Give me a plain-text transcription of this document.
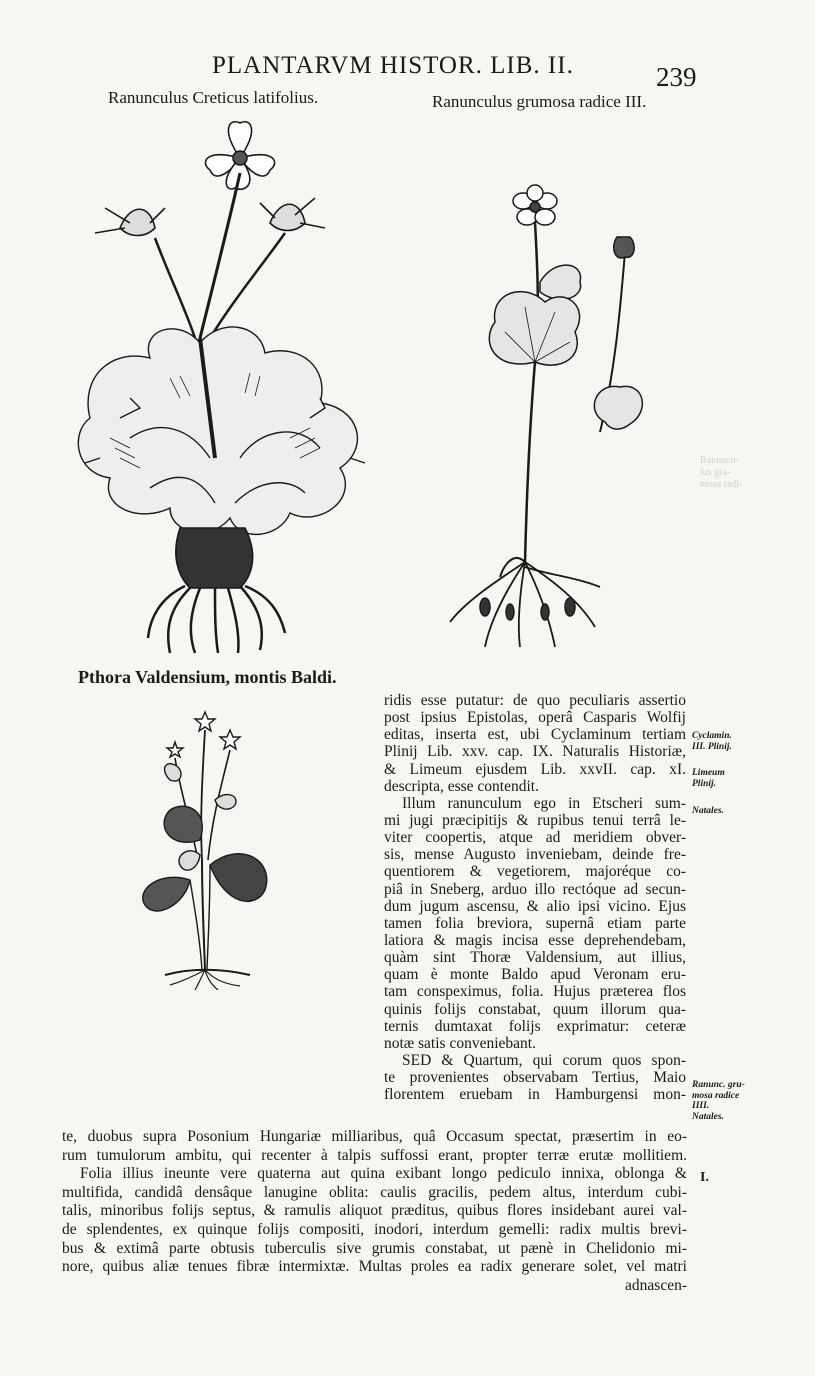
PLANTARVM HISTOR. LIB. II.	239
Ranunculus Creticus latifolius.	Ranunculus grumosa radice III.
Pthora Valdensium, montis Baldi.
Ranuncu-
lus gra-
mosa radi-
ridis esse putatur: de quo peculiaris assertio
post ipsius Epistolas, operâ Casparis Wolfij
editas, inserta est, ubi Cyclaminum tertiam
Plinij Lib. xxv. cap. IX. Naturalis Historiæ,
& Limeum ejusdem Lib. xxvII. cap. xI.
descripta, esse contendit.
Illum ranunculum ego in Etscheri sum-
mi jugi præcipitijs & rupibus tenui terrâ le-
viter coopertis, atque ad meridiem obver-
sis, mense Augusto inveniebam, deinde fre-
quentiorem & vegetiorem, majoréque co-
piâ in Sneberg, arduo illo rectóque ad secun-
dum jugum ascensu, & alio ipsi vicino. Ejus
tamen folia breviora, supernâ etiam parte
latiora & magis incisa esse deprehendebam,
quàm sint Thoræ Valdensium, aut illius,
quam è monte Baldo apud Veronam eru-
tam conspeximus, folia. Hujus præterea flos
quinis folijs constabat, quum illorum qua-
ternis dumtaxat folijs exprimatur: ceteræ
notæ satis conveniebant.
SED & Quartum, qui corum quos spon-
te provenientes observabam Tertius, Maio
florentem eruebam in Hamburgensi mon-
te, duobus supra Posonium Hungariæ milliaribus, quâ Occasum spectat, præsertim in eo-
rum tumulorum ambitu, qui recenter à talpis suffossi erant, propter terræ erutæ mollitiem.
Folia illius ineunte vere quaterna aut quina exibant longo pediculo innixa, oblonga &
multifida, candidâ densâque lanugine oblita: caulis gracilis, pedem altus, interdum cubi-
talis, minoribus folijs septus, & ramulis aliquot præditus, quibus flores insidebant aurei val-
de splendentes, ex quinque folijs compositi, inodori, interdum gemelli: radix multis brevi-
bus & extimâ parte obtusis tuberculis sive grumis constabat, ut pænè in Chelidonio mi-
nore, quibus aliæ tenues fibræ intermixtæ. Multas proles ea radix generare solet, vel matri
adnascen-
Cyclamin.
III. Plinij.
Limeum
Plinij.
Natales.
Ranunc. gru-
mosa radice
IIII.
Natales.
I.
